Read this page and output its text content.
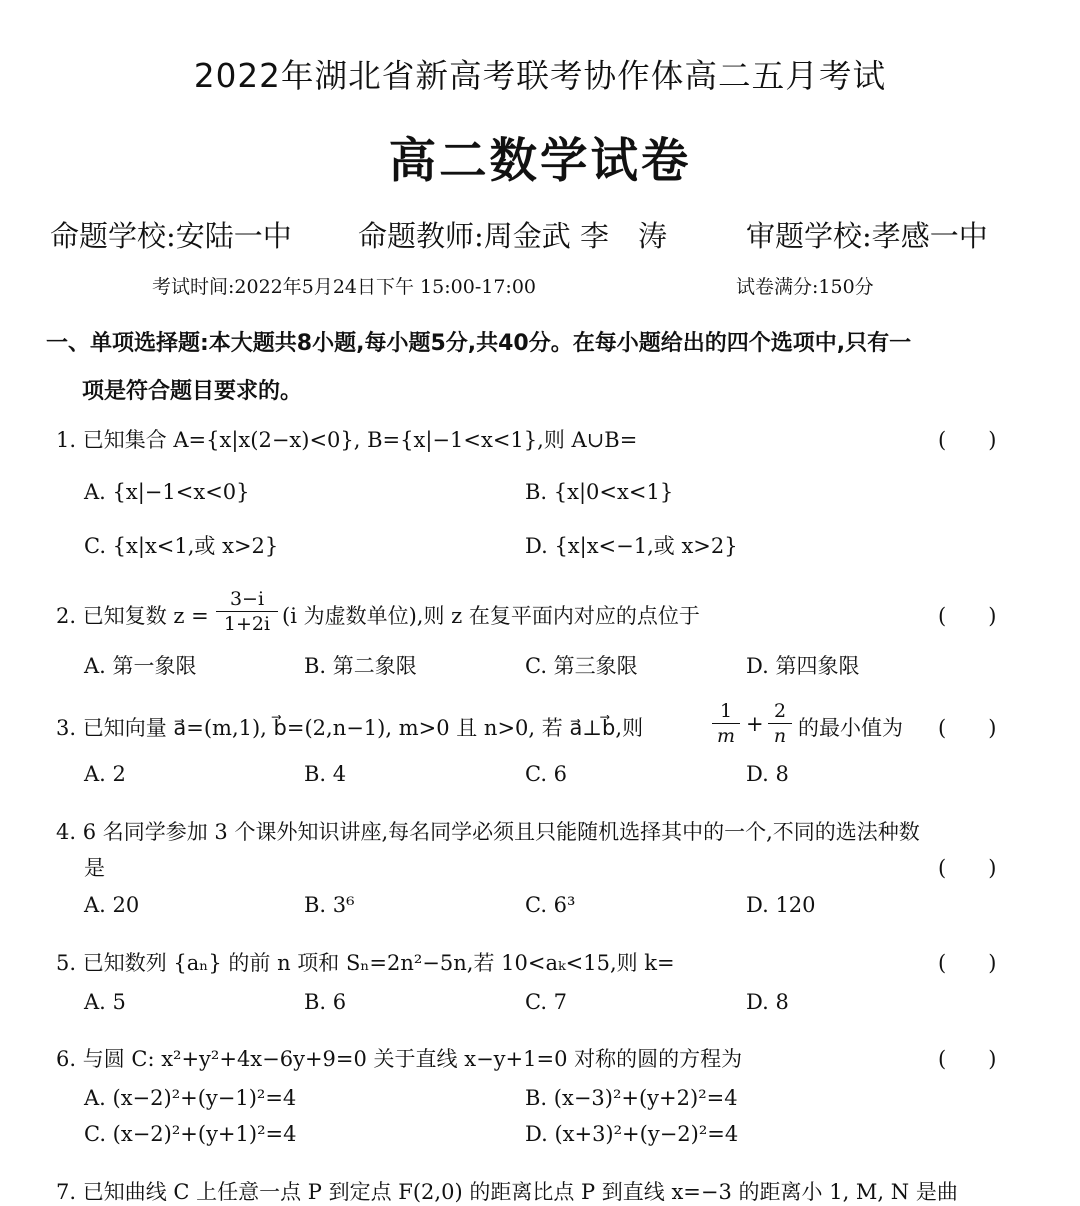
2022年湖北省新高考联考协作体高二五月考试
高二数学试卷
命题学校:安陆一中 命题教师:周金武 李　涛	审题学校:孝感一中
考试时间:2022年5月24日下午 15:00-17:00	试卷满分:150分
一、单项选择题:本大题共8小题,每小题5分,共40分。在每小题给出的四个选项中,只有一
项是符合题目要求的。
1. 已知集合 A={x|x(2−x)<0}, B={x|−1<x<1},则 A∪B=	(　　)
A. {x|−1<x<0}	B. {x|0<x<1}
C. {x|x<1,或 x>2}	D. {x|x<−1,或 x>2}
2. 已知复数 z =
3−i
1+2i (i 为虚数单位),则 z 在复平面内对应的点位于	(　　)
A. 第一象限	B. 第二象限	C. 第三象限	D. 第四象限
3. 已知向量 a⃗=(m,1), b⃗=(2,n−1), m>0 且 n>0, 若 a⃗⊥b⃗,则
1
m +
2
n 的最小值为 (　　)
A. 2	B. 4	C. 6	D. 8
4. 6 名同学参加 3 个课外知识讲座,每名同学必须且只能随机选择其中的一个,不同的选法种数
是	(　　)
A. 20	B. 3⁶	C. 6³	D. 120
5. 已知数列 {aₙ} 的前 n 项和 Sₙ=2n²−5n,若 10<aₖ<15,则 k=	(　　)
A. 5	B. 6	C. 7	D. 8
6. 与圆 C: x²+y²+4x−6y+9=0 关于直线 x−y+1=0 对称的圆的方程为	(　　)
A. (x−2)²+(y−1)²=4	B. (x−3)²+(y+2)²=4
C. (x−2)²+(y+1)²=4	D. (x+3)²+(y−2)²=4
7. 已知曲线 C 上任意一点 P 到定点 F(2,0) 的距离比点 P 到直线 x=−3 的距离小 1, M, N 是曲
